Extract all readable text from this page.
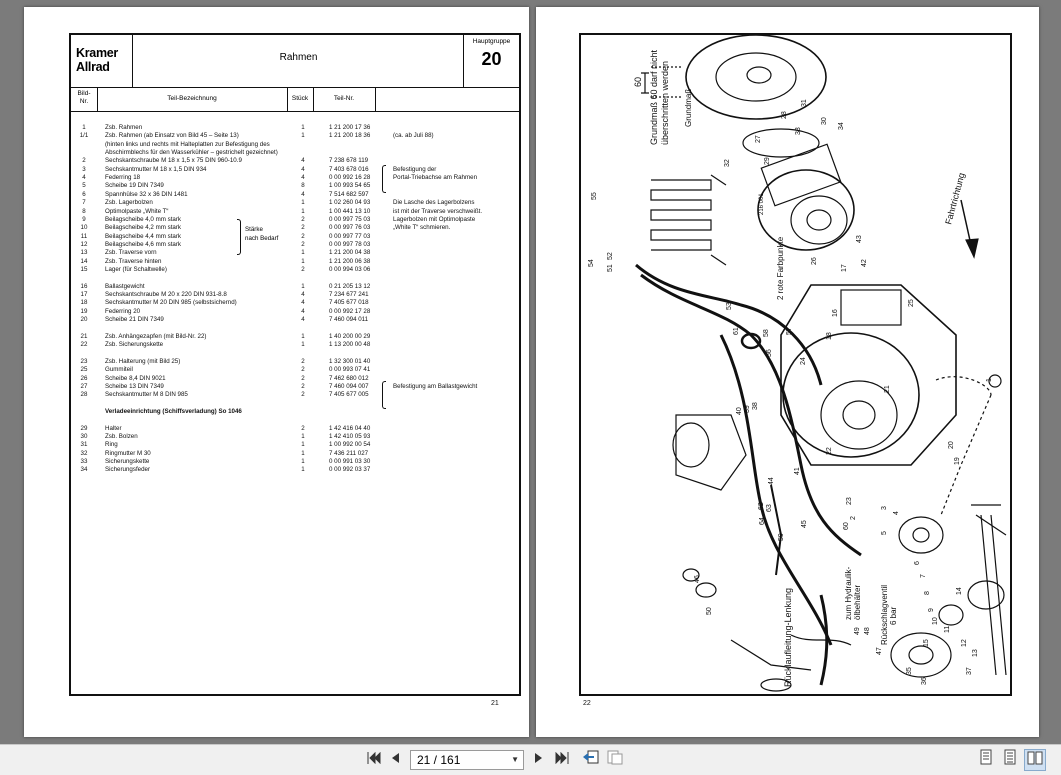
Kramer
Allrad
Rahmen
Hauptgruppe
20
Bild-
Nr.	Teil-Bezeichnung	Stück	Teil-Nr.
1	Zsb. Rahmen	1	1 21 200 17 36
1/1	Zsb. Rahmen (ab Einsatz von Bild 45 – Seite 13)	1	1 21 200 18 36	(ca. ab Juli 88)
(hinten links und rechts mit Halteplatten zur Befestigung des
Abschirmblechs für den Wasserkühler – gestrichelt gezeichnet)
2	Sechskantschraube M 18 x 1,5 x 75 DIN 960-10.9	4	7 238 678 119
3	Sechskantmutter M 18 x 1,5 DIN 934	4	7 403 678 016	Befestigung der
4	Federring 18	4	0 00 992 16 28	Portal-Triebachse am Rahmen
5	Scheibe 19 DIN 7349	8	1 00 993 54 65
6	Spannhülse 32 x 36 DIN 1481	4	7 514 682 597
7	Zsb. Lagerbolzen	1	1 02 260 04 93	Die Lasche des Lagerbolzens
8	Optimolpaste „White T“	1	1 00 441 13 10	ist mit der Traverse verschweißt.
9	Beilagscheibe 4,0 mm stark	2	0 00 997 75 03	Lagerbolzen mit Optimolpaste
10	Beilagscheibe 4,2 mm stark	2	0 00 997 76 03	„White T“ schmieren.
11	Beilagscheibe 4,4 mm stark	2	0 00 997 77 03
12	Beilagscheibe 4,6 mm stark	2	0 00 997 78 03
13	Zsb. Traverse vorn	1	1 21 200 04 38
14	Zsb. Traverse hinten	1	1 21 200 06 38
15	Lager (für Schaltwelle)	2	0 00 994 03 06
16	Ballastgewicht	1	0 21 205 13 12
17	Sechskantschraube M 20 x 220 DIN 931-8.8	4	7 234 677 241
18	Sechskantmutter M 20 DIN 985 (selbstsichernd)	4	7 405 677 018
19	Federring 20	4	0 00 992 17 28
20	Scheibe 21 DIN 7349	4	7 460 094 011
21	Zsb. Anhängezapfen (mit Bild-Nr. 22)	1	1 40 200 00 29
22	Zsb. Sicherungskette	1	1 13 200 00 48
23	Zsb. Halterung (mit Bild 25)	2	1 32 300 01 40
25	Gummiteil	2	0 00 993 07 41
26	Scheibe 8,4 DIN 9021	2	7 462 680 012
27	Scheibe 13 DIN 7349	2	7 460 094 007	Befestigung am Ballastgewicht
28	Sechskantmutter M 8 DIN 985	2	7 405 677 005
Verladeeinrichtung (Schiffsverladung) So 1046
29	Halter	2	1 42 416 04 40
30	Zsb. Bolzen	1	1 42 410 05 93
31	Ring	1	1 00 992 00 54
32	Ringmutter M 30	1	7 436 211 027
33	Sicherungskette	1	0 00 991 03 30
34	Sicherungsfeder	1	0 00 992 03 37
Stärke
nach Bedarf
21
Grundmaß 60 darf nicht überschritten werden Grundmaß
60
Fahrtrichtung
2 rote Farbpunkte
Rücklaufleitung-Lenkung	zum Hydraulik- ölbehälter Rückschlagventil 6 bar
216 001
27
28
30
34
33
31
29
32
43
42
17
26
16
18
25
55
54
53
51
52
57
58
56
24
1
20
19
21
22
23
2
3
4
5
6
7
8
9
10
11
12
13
14
15
35
36
37
38
39
40
41
44
45
46
47
48
49
50
59
60
61
62 63
64
22
21 / 161	▼
